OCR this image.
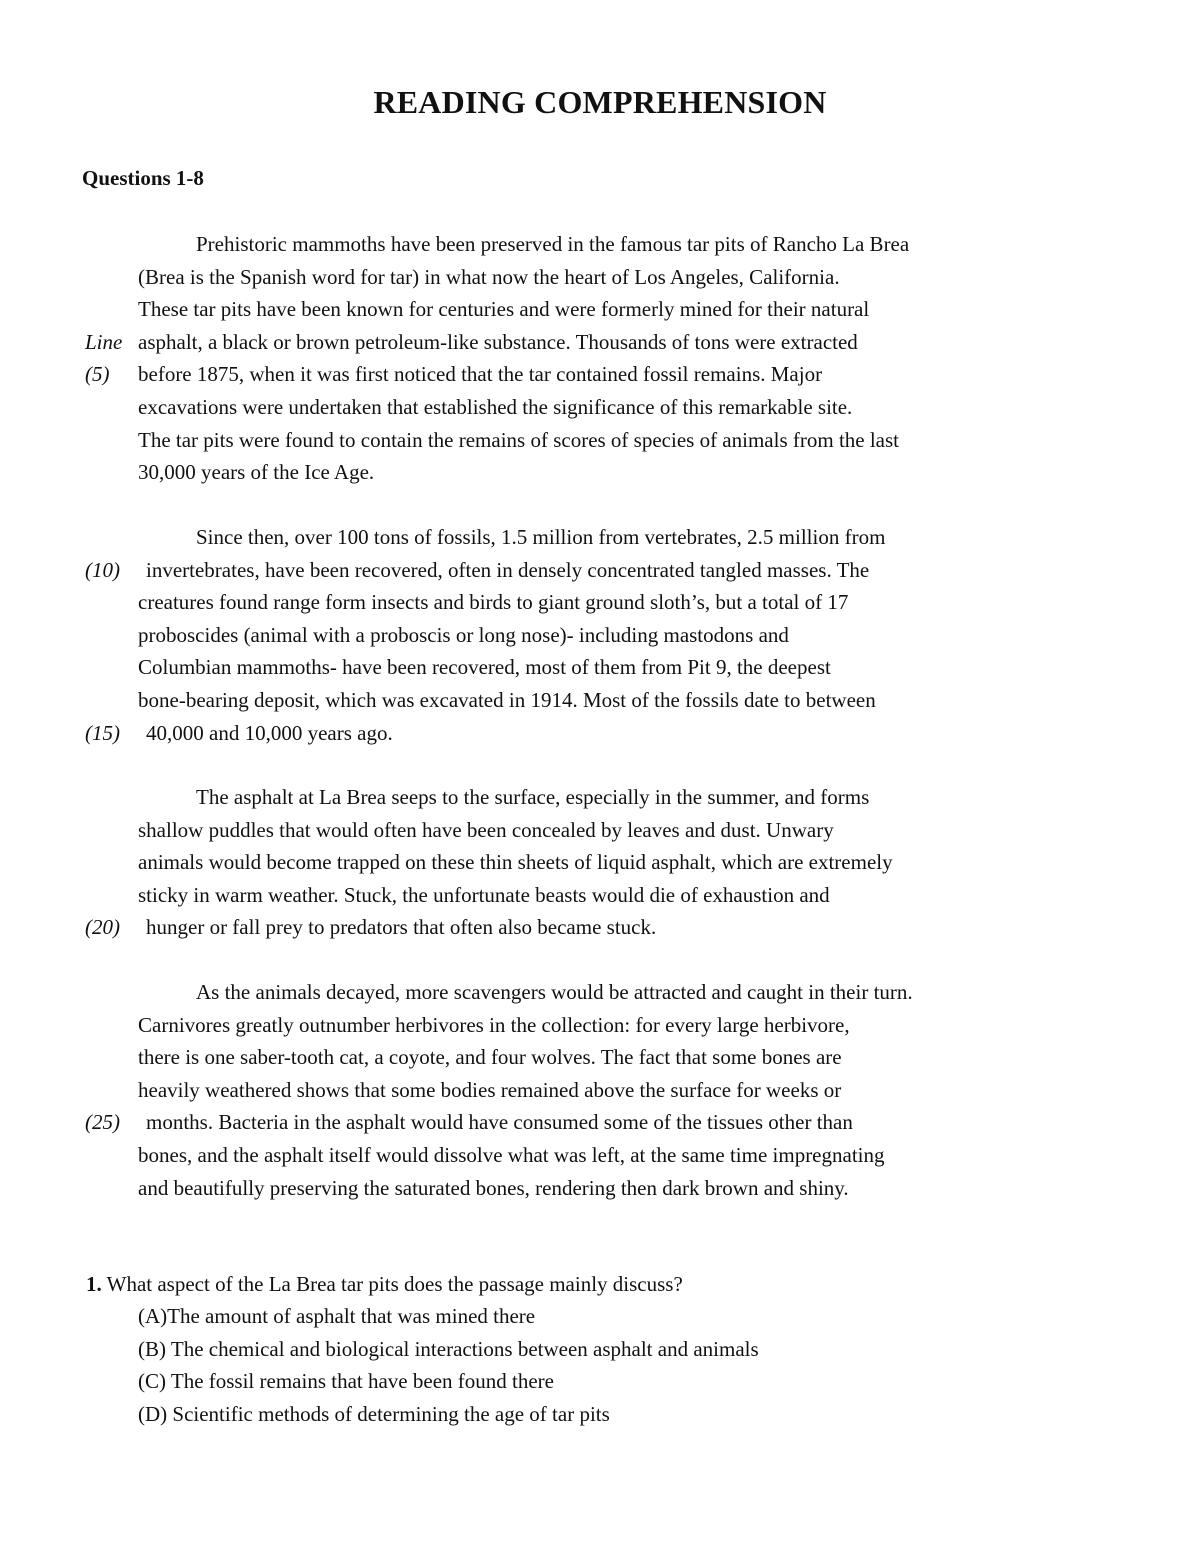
READING COMPREHENSION
Questions 1-8
Prehistoric mammoths have been preserved in the famous tar pits of Rancho La Brea
(Brea is the Spanish word for tar) in what now the heart of Los Angeles, California.
These tar pits have been known for centuries and were formerly mined for their natural
Line asphalt, a black or brown petroleum-like substance. Thousands of tons were extracted
(5) before 1875, when it was first noticed that the tar contained fossil remains. Major
excavations were undertaken that established the significance of this remarkable site.
The tar pits were found to contain the remains of scores of species of animals from the last
30,000 years of the Ice Age.
Since then, over 100 tons of fossils, 1.5 million from vertebrates, 2.5 million from
(10) invertebrates, have been recovered, often in densely concentrated tangled masses. The
creatures found range form insects and birds to giant ground sloth’s, but a total of 17
proboscides (animal with a proboscis or long nose)- including mastodons and
Columbian mammoths- have been recovered, most of them from Pit 9, the deepest
bone-bearing deposit, which was excavated in 1914. Most of the fossils date to between
(15) 40,000 and 10,000 years ago.
The asphalt at La Brea seeps to the surface, especially in the summer, and forms
shallow puddles that would often have been concealed by leaves and dust. Unwary
animals would become trapped on these thin sheets of liquid asphalt, which are extremely
sticky in warm weather. Stuck, the unfortunate beasts would die of exhaustion and
(20) hunger or fall prey to predators that often also became stuck.
As the animals decayed, more scavengers would be attracted and caught in their turn.
Carnivores greatly outnumber herbivores in the collection: for every large herbivore,
there is one saber-tooth cat, a coyote, and four wolves. The fact that some bones are
heavily weathered shows that some bodies remained above the surface for weeks or
(25) months. Bacteria in the asphalt would have consumed some of the tissues other than
bones, and the asphalt itself would dissolve what was left, at the same time impregnating
and beautifully preserving the saturated bones, rendering then dark brown and shiny.
1. What aspect of the La Brea tar pits does the passage mainly discuss?
(A)The amount of asphalt that was mined there
(B) The chemical and biological interactions between asphalt and animals
(C) The fossil remains that have been found there
(D) Scientific methods of determining the age of tar pits
